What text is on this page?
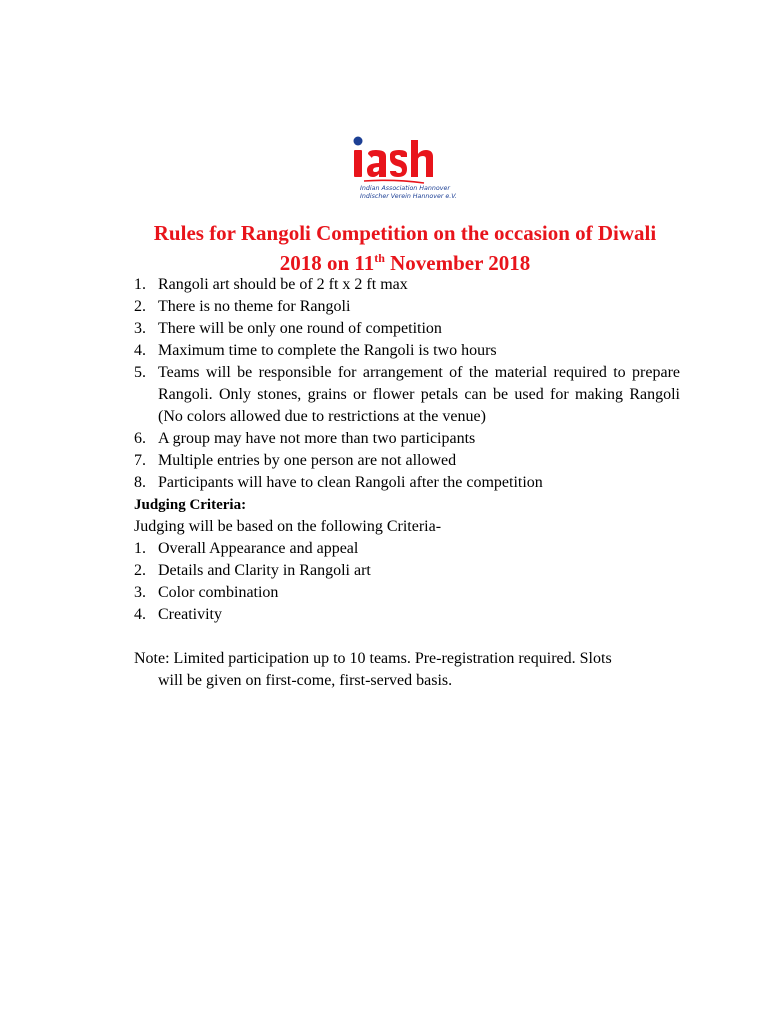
Indian Association Hannover
Indischer Verein Hannover e.V.
Rules for Rangoli Competition on the occasion of Diwali
2018 on 11th November 2018
1. Rangoli art should be of 2 ft x 2 ft max
2. There is no theme for Rangoli
3. There will be only one round of competition
4. Maximum time to complete the Rangoli is two hours
5. Teams will be responsible for arrangement of the material required to prepare Rangoli. Only stones, grains or flower petals can be used for making Rangoli (No colors allowed due to restrictions at the venue)
6. A group may have not more than two participants
7. Multiple entries by one person are not allowed
8. Participants will have to clean Rangoli after the competition
Judging Criteria:
Judging will be based on the following Criteria-
1. Overall Appearance and appeal
2. Details and Clarity in Rangoli art
3. Color combination
4. Creativity
Note: Limited participation up to 10 teams. Pre-registration required. Slots
will be given on first-come, first-served basis.
